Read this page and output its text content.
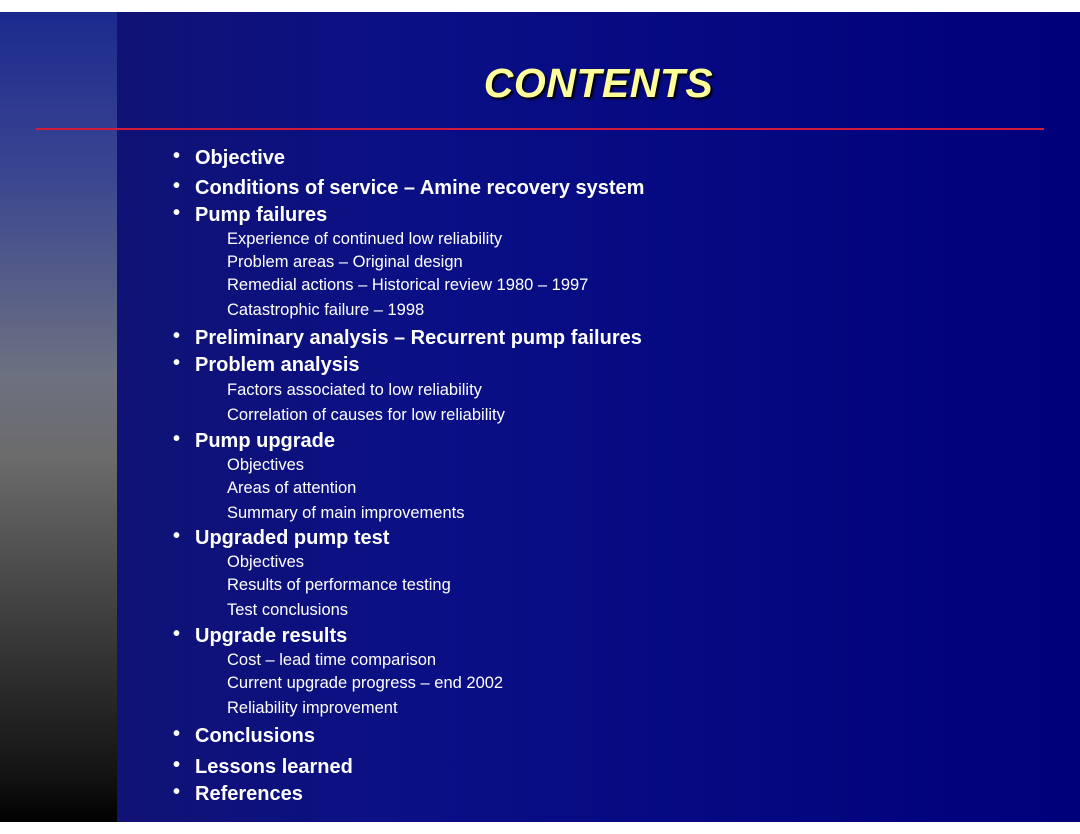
CONTENTS
• Objective
• Conditions of service – Amine recovery system
• Pump failures
Experience of continued low reliability
Problem areas – Original design
Remedial actions – Historical review 1980 – 1997
Catastrophic failure – 1998
• Preliminary analysis – Recurrent pump failures
• Problem analysis
Factors associated to low reliability
Correlation of causes for low reliability
• Pump upgrade
Objectives
Areas of attention
Summary of main improvements
• Upgraded pump test
Objectives
Results of performance testing
Test conclusions
• Upgrade results
Cost – lead time comparison
Current upgrade progress – end 2002
Reliability improvement
• Conclusions
• Lessons learned
• References
